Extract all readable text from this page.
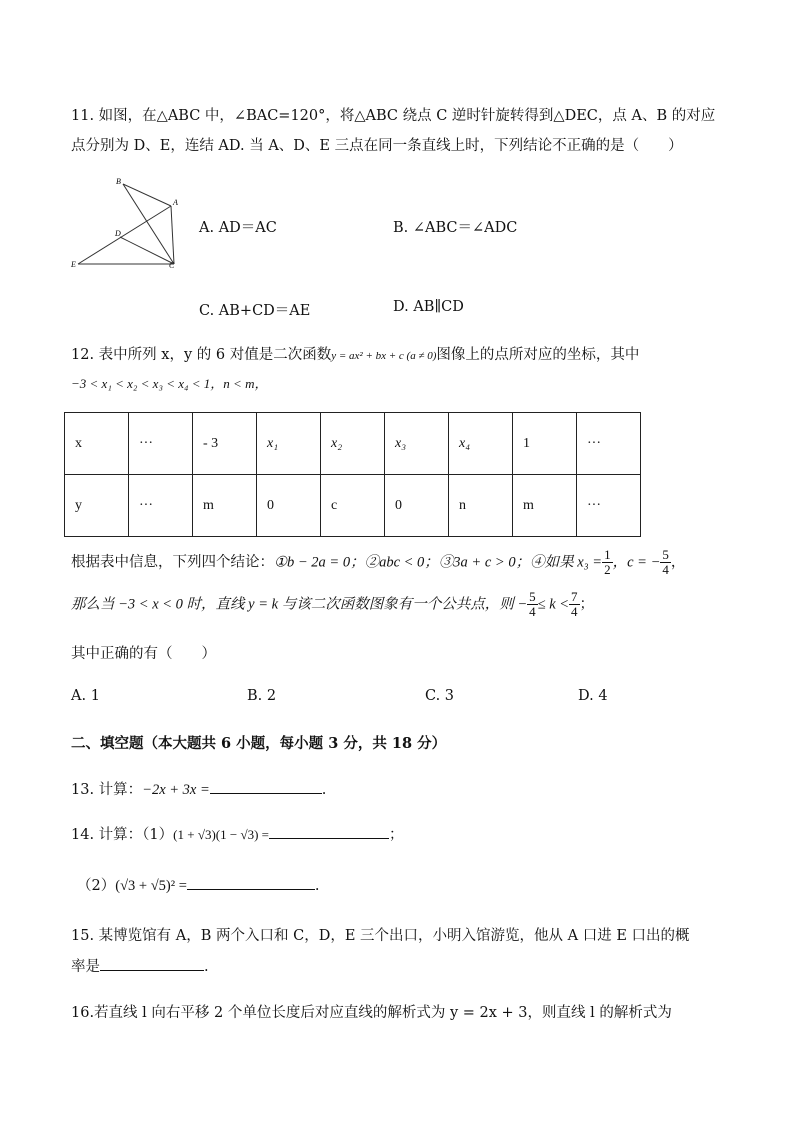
11. 如图，在△ABC 中，∠BAC=120°，将△ABC 绕点 C 逆时针旋转得到△DEC，点 A、B 的对应
点分别为 D、E，连结 AD. 当 A、D、E 三点在同一条直线上时，下列结论不正确的是（　　）
B
A
D
E	C
A. AD＝AC	B. ∠ABC＝∠ADC
C. AB+CD＝AE	D. AB∥CD
12. 表中所列 x，y 的 6 对值是二次函数y = ax² + bx + c (a ≠ 0)图像上的点所对应的坐标，其中
−3 < x₁ < x₂ < x₃ < x₄ < 1，n < m，
x	···	- 3	x₁	x₂	x₃	x₄	1	···
y	···	m	0	c	0	n	m	···
根据表中信息，下列四个结论：①b − 2a = 0；②abc < 0；③3a + c > 0；④如果 $x_3 = \frac{1}{2}$ ，c = − $\frac{5}{4}$ ，
那么当 −3 < x < 0 时，直线 y = k 与该二次函数图象有一个公共点，则 − $\frac{5}{4} \le k < \frac{7}{4}$ ；
其中正确的有（　　）
A. 1	B. 2	C. 3	D. 4
二、填空题（本大题共 6 小题，每小题 3 分，共 18 分）
13. 计算：−2x + 3x =	.
14. 计算：（1）(1 + √3)(1 − √3) =	；
（2）(√3 + √5)² =	.
15. 某博览馆有 A，B 两个入口和 C，D，E 三个出口，小明入馆游览，他从 A 口进 E 口出的概
率是	.
16.若直线 l 向右平移 2 个单位长度后对应直线的解析式为 y = 2x + 3，则直线 l 的解析式为
